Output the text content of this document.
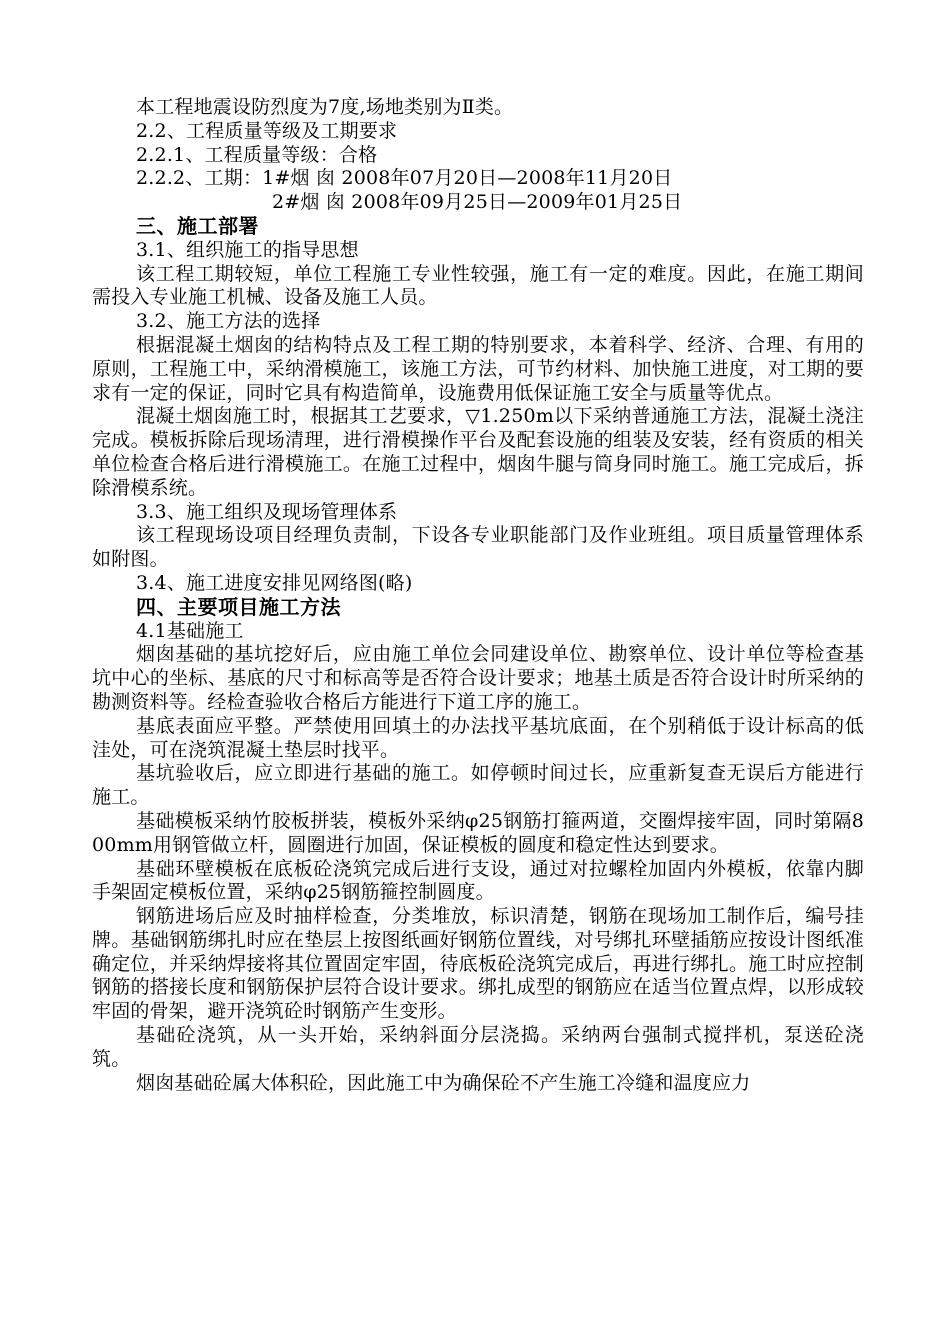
本工程地震设防烈度为7度,场地类别为Ⅱ类。

2.2、工程质量等级及工期要求

2.2.1、工程质量等级：合格

2.2.2、工期：1#烟 囱 2008年07月20日—2008年11月20日

2#烟 囱 2008年09月25日—2009年01月25日

三、施工部署

3.1、组织施工的指导思想

该工程工期较短，单位工程施工专业性较强，施工有一定的难度。因此，在施工期间需投入专业施工机械、设备及施工人员。

3.2、施工方法的选择

根据混凝土烟囱的结构特点及工程工期的特别要求，本着科学、经济、合理、有用的原则，工程施工中，采纳滑模施工，该施工方法，可节约材料、加快施工进度，对工期的要求有一定的保证，同时它具有构造简单，设施费用低保证施工安全与质量等优点。

混凝土烟囱施工时，根据其工艺要求，▽1.250m以下采纳普通施工方法，混凝土浇注完成。模板拆除后现场清理，进行滑模操作平台及配套设施的组装及安装，经有资质的相关单位检查合格后进行滑模施工。在施工过程中，烟囱牛腿与筒身同时施工。施工完成后，拆除滑模系统。

3.3、施工组织及现场管理体系

该工程现场设项目经理负责制，下设各专业职能部门及作业班组。项目质量管理体系如附图。

3.4、施工进度安排见网络图(略)

四、主要项目施工方法

4.1基础施工

烟囱基础的基坑挖好后，应由施工单位会同建设单位、勘察单位、设计单位等检查基坑中心的坐标、基底的尺寸和标高等是否符合设计要求；地基土质是否符合设计时所采纳的勘测资料等。经检查验收合格后方能进行下道工序的施工。

基底表面应平整。严禁使用回填土的办法找平基坑底面，在个别稍低于设计标高的低洼处，可在浇筑混凝土垫层时找平。

基坑验收后，应立即进行基础的施工。如停顿时间过长，应重新复查无误后方能进行施工。

基础模板采纳竹胶板拼装，模板外采纳φ25钢筋打箍两道，交圈焊接牢固，同时第隔800mm用钢管做立杆，圆圈进行加固，保证模板的圆度和稳定性达到要求。

基础环壁模板在底板砼浇筑完成后进行支设，通过对拉螺栓加固内外模板，依靠内脚手架固定模板位置，采纳φ25钢筋箍控制圆度。

钢筋进场后应及时抽样检查，分类堆放，标识清楚，钢筋在现场加工制作后，编号挂牌。基础钢筋绑扎时应在垫层上按图纸画好钢筋位置线，对号绑扎环壁插筋应按设计图纸准确定位，并采纳焊接将其位置固定牢固，待底板砼浇筑完成后，再进行绑扎。施工时应控制钢筋的搭接长度和钢筋保护层符合设计要求。绑扎成型的钢筋应在适当位置点焊，以形成较牢固的骨架，避开浇筑砼时钢筋产生变形。

基础砼浇筑，从一头开始，采纳斜面分层浇捣。采纳两台强制式搅拌机，泵送砼浇筑。

烟囱基础砼属大体积砼，因此施工中为确保砼不产生施工冷缝和温度应力
